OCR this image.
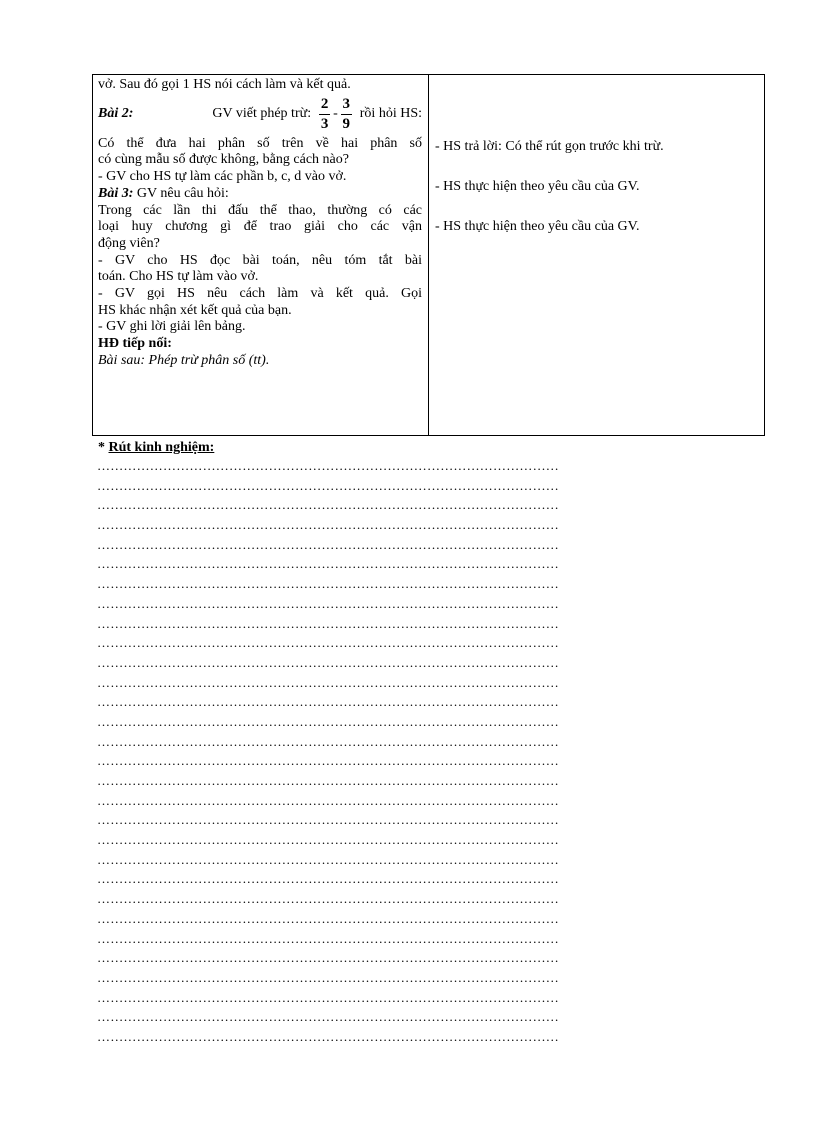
vở. Sau đó gọi 1 HS nói cách làm và kết quả.

Bài 2:	GV viết phép trừ: $\frac{2}{3} - \frac{3}{9}$ rồi hỏi HS:

Có thể đưa hai phân số trên về hai phân số

có cùng mẫu số được không, bằng cách nào?

- GV cho HS tự làm các phần b, c, d vào vở.

Bài 3: GV nêu câu hỏi:

Trong các lần thi đấu thể thao, thường có các

loại huy chương gì để trao giải cho các vận

động viên?

- GV cho HS đọc bài toán, nêu tóm tắt bài

toán. Cho HS tự làm vào vở.

- GV gọi HS nêu cách làm và kết quả. Gọi

HS khác nhận xét kết quả của bạn.

- GV ghi lời giải lên bảng.

HĐ tiếp nối:

Bài sau: Phép trừ phân số (tt).

- HS trả lời: Có thể rút gọn trước khi trừ.
- HS thực hiện theo yêu cầu của GV.
- HS thực hiện theo yêu cầu của GV.
* Rút kinh nghiệm:
……………………………………………………………………………………………
……………………………………………………………………………………………
……………………………………………………………………………………………
……………………………………………………………………………………………
……………………………………………………………………………………………
……………………………………………………………………………………………
……………………………………………………………………………………………
……………………………………………………………………………………………
……………………………………………………………………………………………
……………………………………………………………………………………………
……………………………………………………………………………………………
……………………………………………………………………………………………
……………………………………………………………………………………………
……………………………………………………………………………………………
……………………………………………………………………………………………
……………………………………………………………………………………………
……………………………………………………………………………………………
……………………………………………………………………………………………
……………………………………………………………………………………………
……………………………………………………………………………………………
……………………………………………………………………………………………
……………………………………………………………………………………………
……………………………………………………………………………………………
……………………………………………………………………………………………
……………………………………………………………………………………………
……………………………………………………………………………………………
……………………………………………………………………………………………
……………………………………………………………………………………………
……………………………………………………………………………………………
……………………………………………………………………………………………
